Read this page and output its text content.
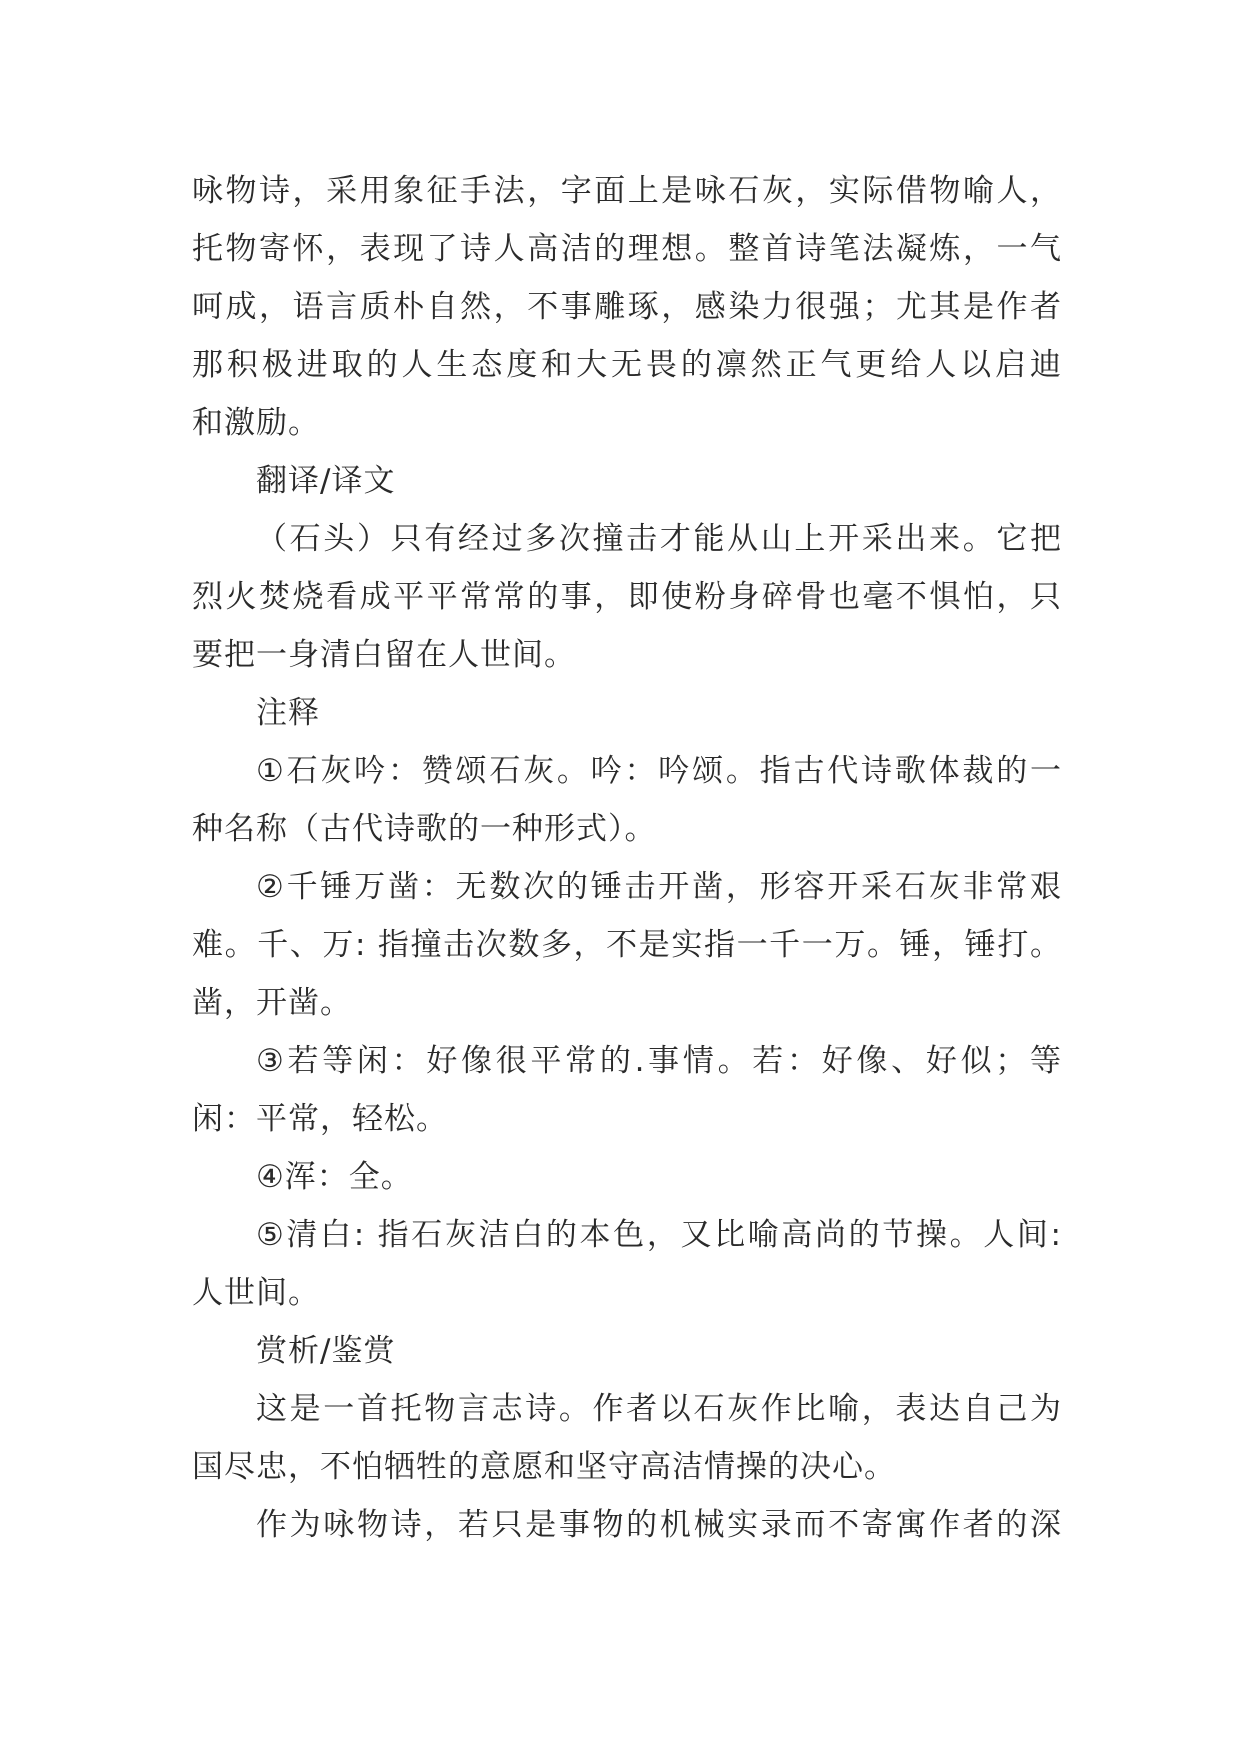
咏物诗，采用象征手法，字面上是咏石灰，实际借物喻人，
托物寄怀，表现了诗人高洁的理想。整首诗笔法凝炼，一气
呵成，语言质朴自然，不事雕琢，感染力很强；尤其是作者
那积极进取的人生态度和大无畏的凛然正气更给人以启迪
和激励。
翻译/译文
（石头）只有经过多次撞击才能从山上开采出来。它把
烈火焚烧看成平平常常的事，即使粉身碎骨也毫不惧怕，只
要把一身清白留在人世间。
注释
①石灰吟：赞颂石灰。吟：吟颂。指古代诗歌体裁的一
种名称（古代诗歌的一种形式）。
②千锤万凿：无数次的锤击开凿，形容开采石灰非常艰
难。千、万: 指撞击次数多，不是实指一千一万。锤，锤打。
凿，开凿。
③若等闲：好像很平常的.事情。若：好像、好似；等
闲：平常，轻松。
④浑：全。
⑤清白: 指石灰洁白的本色，又比喻高尚的节操。人间:
人世间。
赏析/鉴赏
这是一首托物言志诗。作者以石灰作比喻，表达自己为
国尽忠，不怕牺牲的意愿和坚守高洁情操的决心。
作为咏物诗，若只是事物的机械实录而不寄寓作者的深
